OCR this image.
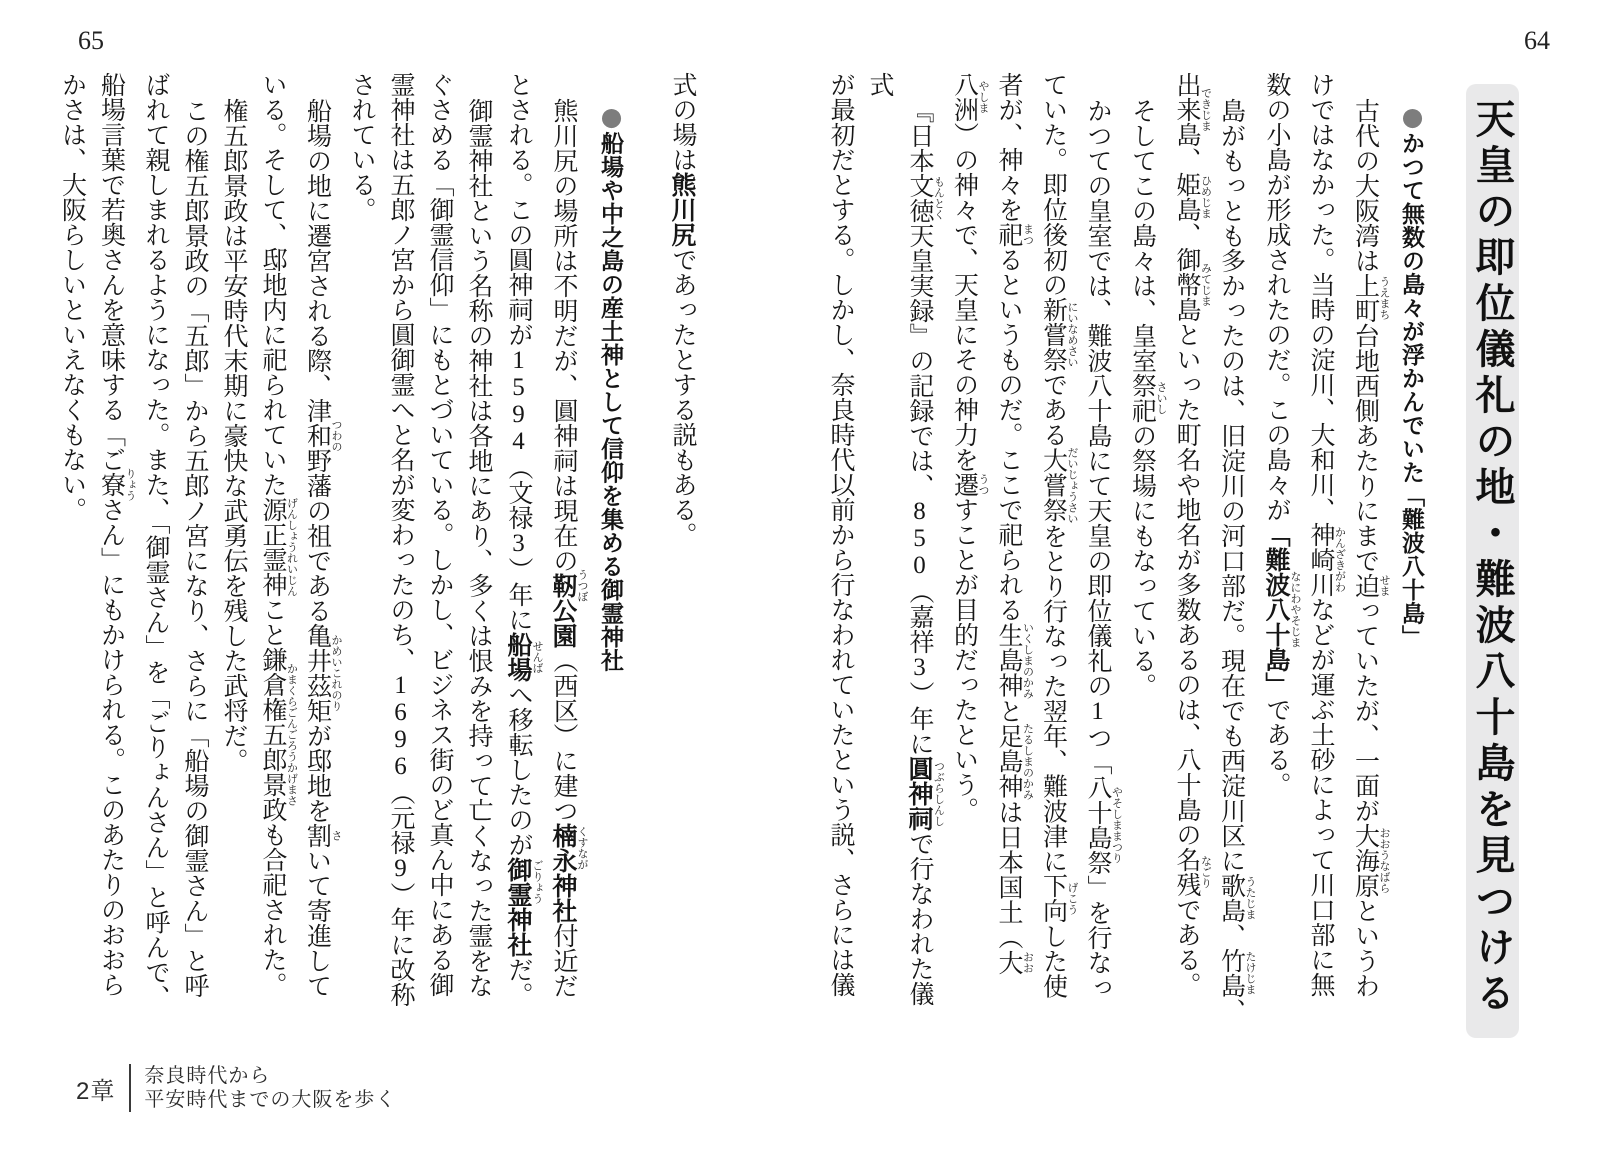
65	64
天皇の即位儀礼の地・難波八十島を見つける
●かつて無数の島々が浮かんでいた「難波八十島」
古代の大阪湾は上町 うえまち台地西側あたりにまで迫 せまっていたが、一面が大海原 おおうなばらというわ
けではなかった。当時の淀川、大和川、神崎川 かんざきがわなどが運ぶ土砂によって川口部に無
数の小島が形成されたのだ。この島々が「難波八十島 なにわやそじま」である。
島がもっとも多かったのは、旧淀川の河口部だ。現在でも西淀川区に歌島 うたじま、竹島 たけじま、
出来島 できじま、姫島 ひめじま、御幣島 みてじまといった町名や地名が多数あるのは、八十島の名残 なごりである。
そしてこの島々は、皇室祭祀 さいしの祭場にもなっている。
かつての皇室では、難波八十島にて天皇の即位儀礼の1つ「八十島祭 やそしままつり」を行なっ
ていた。即位後初の新嘗祭 にいなめさいである大嘗祭 だいじょうさいをとり行なった翌年、難波津に下向 げこうした使
者が、神々を祀 まつるというものだ。ここで祀られる生島神 いくしまのかみと足島神 たるしまのかみは日本国土（大 おお
八洲 やしま）の神々で、天皇にその神力を遷 うつすことが目的だったという。
『日本文徳 もんとく天皇実録』の記録では、850（嘉祥3）年に圓神祠 つぶらしんしで行なわれた儀式
が最初だとする。しかし、奈良時代以前から行なわれていたという説、さらには儀
式の場は熊川尻であったとする説もある。
●船場や中之島の産土神として信仰を集める御霊神社
熊川尻の場所は不明だが、圓神祠は現在の靭 うつぼ公園（西区）に建つ楠永 くすなが神社付近だ
とされる。この圓神祠が1594（文禄3）年に船場 せんばへ移転したのが御霊 ごりょう神社だ。
御霊神社という名称の神社は各地にあり、多くは恨みを持って亡くなった霊をな
ぐさめる「御霊信仰」にもとづいている。しかし、ビジネス街のど真ん中にある御
霊神社は五郎ノ宮から圓御霊へと名が変わったのち、1696（元禄9）年に改称
されている。
船場の地に遷宮される際、津和野 つわの藩の祖である亀井茲矩 かめいこれのりが邸地を割 さいて寄進して
いる。そして、邸地内に祀られていた源正霊神 げんしょうれいじんこと鎌倉権五郎景政 かまくらごんごろうかげまさも合祀された。
権五郎景政は平安時代末期に豪快な武勇伝を残した武将だ。
この権五郎景政の「五郎」から五郎ノ宮になり、さらに「船場の御霊さん」と呼
ばれて親しまれるようになった。また、「御霊さん」を「ごりょんさん」と呼んで、
船場言葉で若奥さんを意味する「ご寮 りょうさん」にもかけられる。このあたりのおおら
かさは、大阪らしいといえなくもない。
2章
奈良時代から
平安時代までの大阪を歩く
